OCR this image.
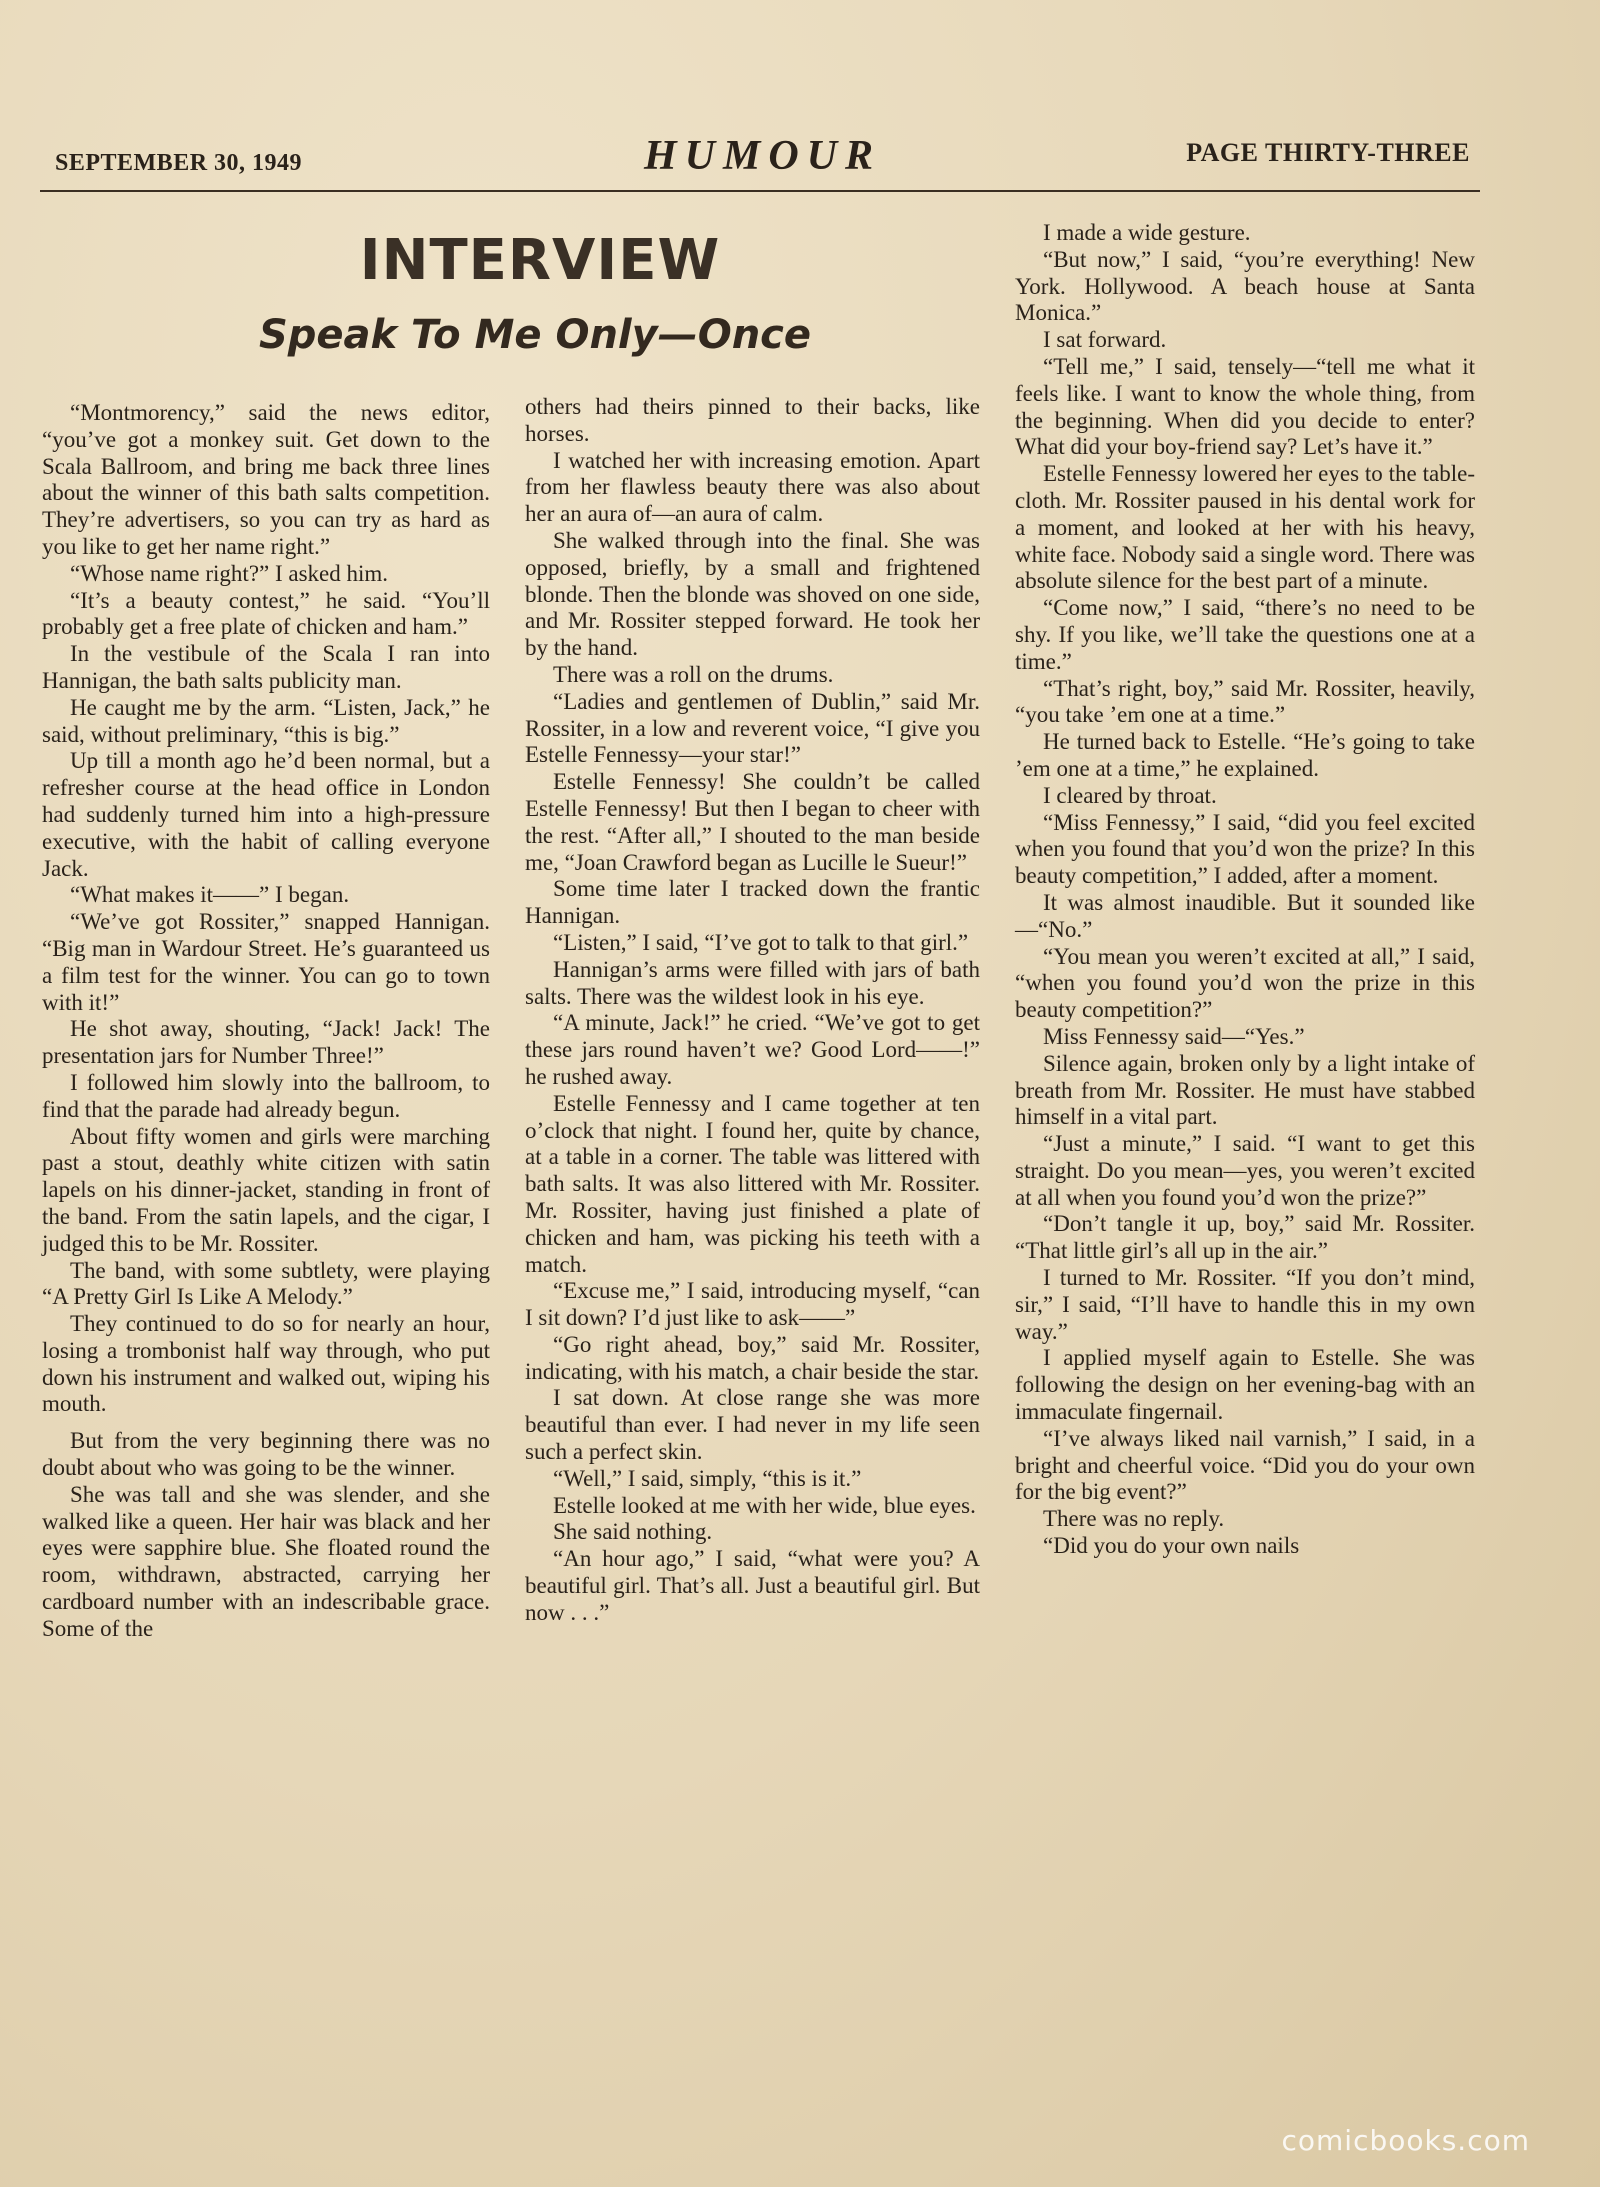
SEPTEMBER 30, 1949	HUMOUR	PAGE THIRTY-THREE
INTERVIEW
Speak To Me Only—Once

“Montmorency,” said the news editor, “you’ve got a monkey suit. Get down to the Scala Ballroom, and bring me back three lines about the winner of this bath salts competition. They’re advertisers, so you can try as hard as you like to get her name right.”

“Whose name right?” I asked him.

“It’s a beauty contest,” he said. “You’ll probably get a free plate of chicken and ham.”

In the vestibule of the Scala I ran into Hannigan, the bath salts publicity man.

He caught me by the arm. “Listen, Jack,” he said, without preliminary, “this is big.”

Up till a month ago he’d been normal, but a refresher course at the head office in London had suddenly turned him into a high-pressure executive, with the habit of calling everyone Jack.

“What makes it——” I began.

“We’ve got Rossiter,” snapped Hannigan. “Big man in Wardour Street. He’s guaranteed us a film test for the winner. You can go to town with it!”

He shot away, shouting, “Jack! Jack! The presentation jars for Number Three!”

I followed him slowly into the ballroom, to find that the parade had already begun.

About fifty women and girls were marching past a stout, deathly white citizen with satin lapels on his dinner-jacket, standing in front of the band. From the satin lapels, and the cigar, I judged this to be Mr. Rossiter.

The band, with some subtlety, were playing “A Pretty Girl Is Like A Melody.”

They continued to do so for nearly an hour, losing a trombonist half way through, who put down his instrument and walked out, wiping his mouth.

But from the very beginning there was no doubt about who was going to be the winner.

She was tall and she was slender, and she walked like a queen. Her hair was black and her eyes were sapphire blue. She floated round the room, withdrawn, abstracted, carrying her cardboard number with an indescribable grace. Some of the

others had theirs pinned to their backs, like horses.

I watched her with increasing emotion. Apart from her flawless beauty there was also about her an aura of—an aura of calm.

She walked through into the final. She was opposed, briefly, by a small and frightened blonde. Then the blonde was shoved on one side, and Mr. Rossiter stepped forward. He took her by the hand.

There was a roll on the drums.

“Ladies and gentlemen of Dublin,” said Mr. Rossiter, in a low and reverent voice, “I give you Estelle Fennessy—your star!”

Estelle Fennessy! She couldn’t be called Estelle Fennessy! But then I began to cheer with the rest. “After all,” I shouted to the man beside me, “Joan Crawford began as Lucille le Sueur!”

Some time later I tracked down the frantic Hannigan.

“Listen,” I said, “I’ve got to talk to that girl.”

Hannigan’s arms were filled with jars of bath salts. There was the wildest look in his eye.

“A minute, Jack!” he cried. “We’ve got to get these jars round haven’t we? Good Lord——!” he rushed away.

Estelle Fennessy and I came together at ten o’clock that night. I found her, quite by chance, at a table in a corner. The table was littered with bath salts. It was also littered with Mr. Rossiter. Mr. Rossiter, having just finished a plate of chicken and ham, was picking his teeth with a match.

“Excuse me,” I said, introducing myself, “can I sit down? I’d just like to ask——”

“Go right ahead, boy,” said Mr. Rossiter, indicating, with his match, a chair beside the star.

I sat down. At close range she was more beautiful than ever. I had never in my life seen such a perfect skin.

“Well,” I said, simply, “this is it.”

Estelle looked at me with her wide, blue eyes.

She said nothing.

“An hour ago,” I said, “what were you? A beautiful girl. That’s all. Just a beautiful girl. But now . . .”

I made a wide gesture.

“But now,” I said, “you’re everything! New York. Hollywood. A beach house at Santa Monica.”

I sat forward.

“Tell me,” I said, tensely—“tell me what it feels like. I want to know the whole thing, from the beginning. When did you decide to enter? What did your boy-friend say? Let’s have it.”

Estelle Fennessy lowered her eyes to the table-cloth. Mr. Rossiter paused in his dental work for a moment, and looked at her with his heavy, white face. Nobody said a single word. There was absolute silence for the best part of a minute.

“Come now,” I said, “there’s no need to be shy. If you like, we’ll take the questions one at a time.”

“That’s right, boy,” said Mr. Rossiter, heavily, “you take ’em one at a time.”

He turned back to Estelle. “He’s going to take ’em one at a time,” he explained.

I cleared by throat.

“Miss Fennessy,” I said, “did you feel excited when you found that you’d won the prize? In this beauty competition,” I added, after a moment.

It was almost inaudible. But it sounded like—“No.”

“You mean you weren’t excited at all,” I said, “when you found you’d won the prize in this beauty competition?”

Miss Fennessy said—“Yes.”

Silence again, broken only by a light intake of breath from Mr. Rossiter. He must have stabbed himself in a vital part.

“Just a minute,” I said. “I want to get this straight. Do you mean—yes, you weren’t excited at all when you found you’d won the prize?”

“Don’t tangle it up, boy,” said Mr. Rossiter. “That little girl’s all up in the air.”

I turned to Mr. Rossiter. “If you don’t mind, sir,” I said, “I’ll have to handle this in my own way.”

I applied myself again to Estelle. She was following the design on her evening-bag with an immaculate fingernail.

“I’ve always liked nail varnish,” I said, in a bright and cheerful voice. “Did you do your own for the big event?”

There was no reply.

“Did you do your own nails

comicbooks.com
